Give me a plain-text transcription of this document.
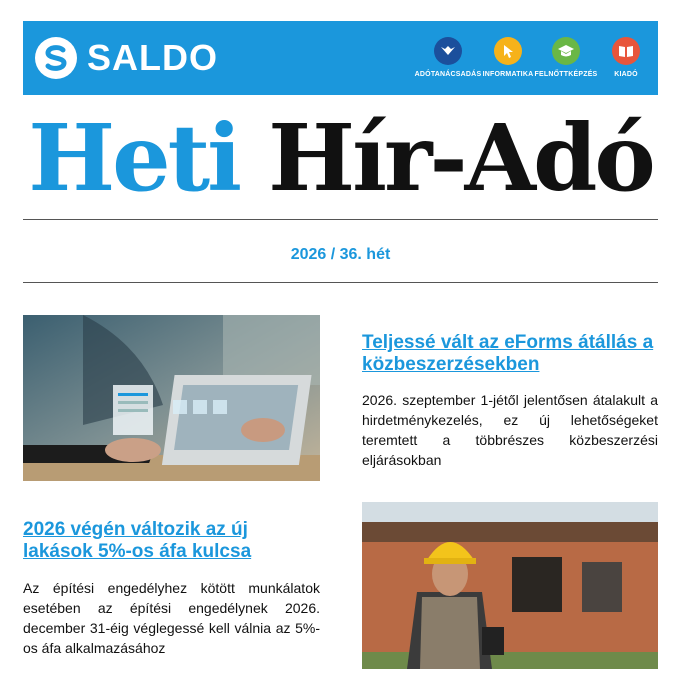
SALDO	ADÓTANÁCSADÁS INFORMATIKA FELNŐTTKÉPZÉS	KIADÓ
Heti Hír-Adó
2026 / 36. hét
Teljessé vált az eForms átállás a közbeszerzésekben
2026. szeptember 1-jétől jelentősen átalakult a hirdetménykezelés, ez új lehetőségeket teremtett a többrészes közbeszerzési eljárásokban
2026 végén változik az új lakások 5%-os áfa kulcsa
Az építési engedélyhez kötött munkálatok esetében az építési engedélynek 2026. december 31-éig véglegessé kell válnia az 5%-os áfa alkalmazásához
